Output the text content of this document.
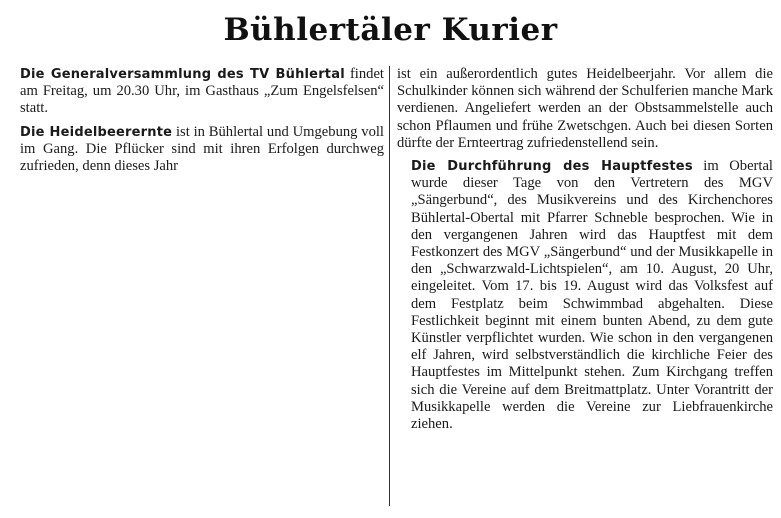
Bühlertäler Kurier

Die Generalversammlung des TV Bühlertal findet am Freitag, um 20.30 Uhr, im Gasthaus „Zum Engelsfelsen“ statt.

Die Heidelbeerernte ist in Bühlertal und Umgebung voll im Gang. Die Pflücker sind mit ihren Erfolgen durchweg zufrieden, denn dieses Jahr

ist ein außerordentlich gutes Heidelbeerjahr. Vor allem die Schulkinder können sich während der Schulferien manche Mark verdienen. Angeliefert werden an der Obstsammelstelle auch schon Pflaumen und frühe Zwetschgen. Auch bei diesen Sorten dürfte der Ernteertrag zufriedenstellend sein.

Die Durchführung des Hauptfestes im Obertal wurde dieser Tage von den Vertretern des MGV „Sängerbund“, des Musikvereins und des Kirchenchores Bühlertal-Obertal mit Pfarrer Schneble besprochen. Wie in den vergangenen Jahren wird das Hauptfest mit dem Festkonzert des MGV „Sängerbund“ und der Musikkapelle in den „Schwarzwald-Lichtspielen“, am 10. August, 20 Uhr, eingeleitet. Vom 17. bis 19. August wird das Volksfest auf dem Festplatz beim Schwimmbad abgehalten. Diese Festlichkeit beginnt mit einem bunten Abend, zu dem gute Künstler verpflichtet wurden. Wie schon in den vergangenen elf Jahren, wird selbstverständlich die kirchliche Feier des Hauptfestes im Mittelpunkt stehen. Zum Kirchgang treffen sich die Vereine auf dem Breitmattplatz. Unter Vorantritt der Musikkapelle werden die Vereine zur Liebfrauenkirche ziehen.
